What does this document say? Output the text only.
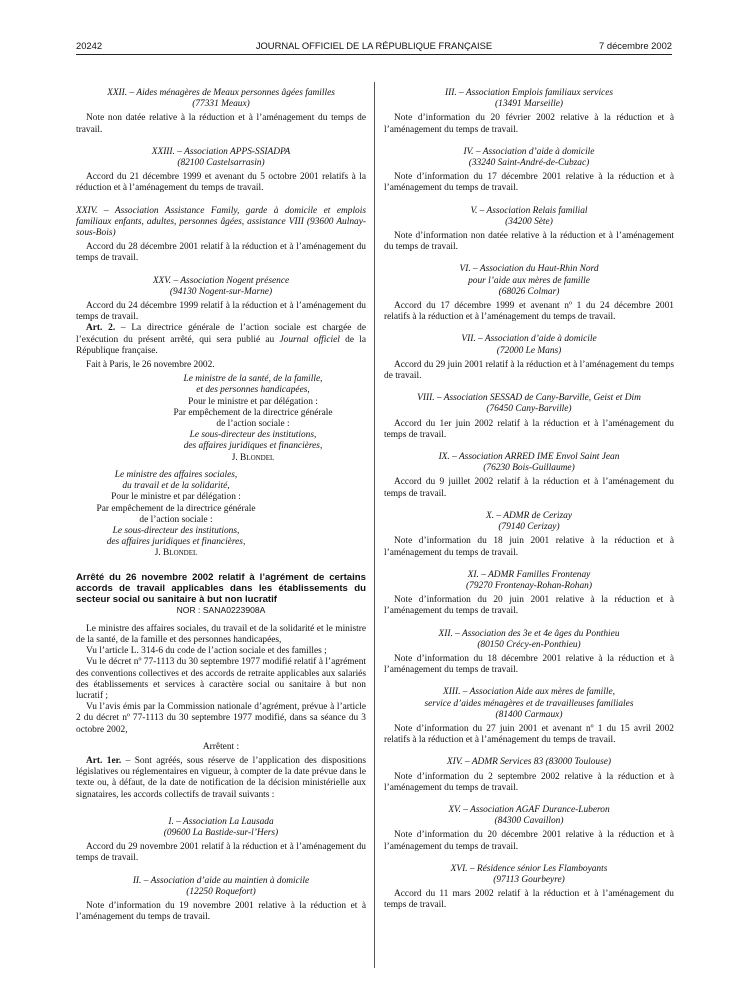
20242	JOURNAL OFFICIEL DE LA RÉPUBLIQUE FRANÇAISE	7 décembre 2002

XXII. – Aides ménagères de Meaux personnes âgées familles

(77331 Meaux)

Note non datée relative à la réduction et à l’aménagement du temps de travail.

XXIII. – Association APPS-SSIADPA

(82100 Castelsarrasin)

Accord du 21 décembre 1999 et avenant du 5 octobre 2001 relatifs à la réduction et à l’aménagement du temps de travail.

XXIV. – Association Assistance Family, garde à domicile et emplois familiaux enfants, adultes, personnes âgées, assistance VIII (93600 Aulnay-sous-Bois)

Accord du 28 décembre 2001 relatif à la réduction et à l’aménagement du temps de travail.

XXV. – Association Nogent présence

(94130 Nogent-sur-Marne)

Accord du 24 décembre 1999 relatif à la réduction et à l’aménagement du temps de travail.

Art. 2. – La directrice générale de l’action sociale est chargée de l’exécution du présent arrêté, qui sera publié au Journal officiel de la République française.

Fait à Paris, le 26 novembre 2002.

Le ministre de la santé, de la famille,

et des personnes handicapées,

Pour le ministre et par délégation :

Par empêchement de la directrice générale

de l’action sociale :

Le sous-directeur des institutions,

des affaires juridiques et financières,

J. Blondel

Le ministre des affaires sociales,

du travail et de la solidarité,

Pour le ministre et par délégation :

Par empêchement de la directrice générale

de l’action sociale :

Le sous-directeur des institutions,

des affaires juridiques et financières,

J. Blondel

Arrêté du 26 novembre 2002 relatif à l’agrément de certains accords de travail applicables dans les établissements du secteur social ou sanitaire à but non lucratif

NOR : SANA0223908A

Le ministre des affaires sociales, du travail et de la solidarité et le ministre de la santé, de la famille et des personnes handicapées,

Vu l’article L. 314-6 du code de l’action sociale et des familles ;

Vu le décret nº 77-1113 du 30 septembre 1977 modifié relatif à l’agrément des conventions collectives et des accords de retraite applicables aux salariés des établissements et services à caractère social ou sanitaire à but non lucratif ;

Vu l’avis émis par la Commission nationale d’agrément, prévue à l’article 2 du décret nº 77-1113 du 30 septembre 1977 modifié, dans sa séance du 3 octobre 2002,

Arrêtent :

Art. 1er. – Sont agréés, sous réserve de l’application des dispositions législatives ou réglementaires en vigueur, à compter de la date prévue dans le texte ou, à défaut, de la date de notification de la décision ministérielle aux signataires, les accords collectifs de travail suivants :

I. – Association La Lausada

(09600 La Bastide-sur-l’Hers)

Accord du 29 novembre 2001 relatif à la réduction et à l’aménagement du temps de travail.

II. – Association d’aide au maintien à domicile

(12250 Roquefort)

Note d’information du 19 novembre 2001 relative à la réduction et à l’aménagement du temps de travail.

III. – Association Emplois familiaux services

(13491 Marseille)

Note d’information du 20 février 2002 relative à la réduction et à l’aménagement du temps de travail.

IV. – Association d’aide à domicile

(33240 Saint-André-de-Cubzac)

Note d’information du 17 décembre 2001 relative à la réduction et à l’aménagement du temps de travail.

V. – Association Relais familial

(34200 Sète)

Note d’information non datée relative à la réduction et à l’aménagement du temps de travail.

VI. – Association du Haut-Rhin Nord

pour l’aide aux mères de famille

(68026 Colmar)

Accord du 17 décembre 1999 et avenant nº 1 du 24 décembre 2001 relatifs à la réduction et à l’aménagement du temps de travail.

VII. – Association d’aide à domicile

(72000 Le Mans)

Accord du 29 juin 2001 relatif à la réduction et à l’aménagement du temps de travail.

VIII. – Association SESSAD de Cany-Barville, Geist et Dim

(76450 Cany-Barville)

Accord du 1er juin 2002 relatif à la réduction et à l’aménagement du temps de travail.

IX. – Association ARRED IME Envol Saint Jean

(76230 Bois-Guillaume)

Accord du 9 juillet 2002 relatif à la réduction et à l’aménagement du temps de travail.

X. – ADMR de Cerizay

(79140 Cerizay)

Note d’information du 18 juin 2001 relative à la réduction et à l’aménagement du temps de travail.

XI. – ADMR Familles Frontenay

(79270 Frontenay-Rohan-Rohan)

Note d’information du 20 juin 2001 relative à la réduction et à l’aménagement du temps de travail.

XII. – Association des 3e et 4e âges du Ponthieu

(80150 Crécy-en-Ponthieu)

Note d’information du 18 décembre 2001 relative à la réduction et à l’aménagement du temps de travail.

XIII. – Association Aide aux mères de famille,

service d’aides ménagères et de travailleuses familiales

(81400 Carmaux)

Note d’information du 27 juin 2001 et avenant nº 1 du 15 avril 2002 relatifs à la réduction et à l’aménagement du temps de travail.

XIV. – ADMR Services 83 (83000 Toulouse)

Note d’information du 2 septembre 2002 relative à la réduction et à l’aménagement du temps de travail.

XV. – Association AGAF Durance-Luberon

(84300 Cavaillon)

Note d’information du 20 décembre 2001 relative à la réduction et à l’aménagement du temps de travail.

XVI. – Résidence sénior Les Flamboyants

(97113 Gourbeyre)

Accord du 11 mars 2002 relatif à la réduction et à l’aménagement du temps de travail.
